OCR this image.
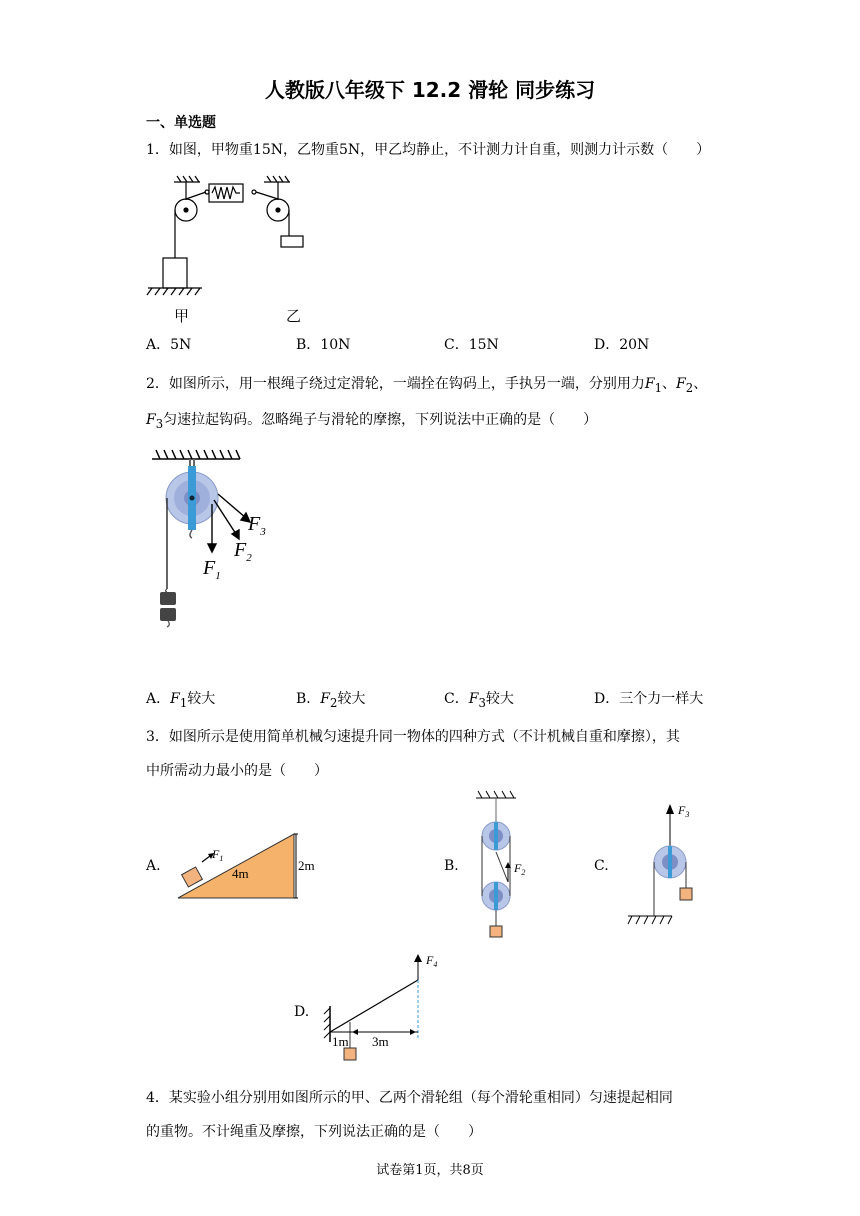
人教版八年级下 12.2 滑轮 同步练习
一、单选题
1．如图，甲物重15N，乙物重5N，甲乙均静止，不计测力计自重，则测力计示数（　　）
甲	乙
A．5N	B．10N	C．15N	D．20N
2．如图所示，用一根绳子绕过定滑轮，一端拴在钩码上，手执另一端，分别用力$F_1$、$F_2$、
$F_3$匀速拉起钩码。忽略绳子与滑轮的摩擦，下列说法中正确的是（　　）
$F_1$
$F_2$
$F_3$
A．$F_1$较大	B．$F_2$较大	C．$F_3$较大	D．三个力一样大
3．如图所示是使用简单机械匀速提升同一物体的四种方式（不计机械自重和摩擦），其
中所需动力最小的是（　　）
A.
$F_1$
4m
2m	B.	$F_2$	C.
$F_3$
D.
$F_4$
1m 3m
4．某实验小组分别用如图所示的甲、乙两个滑轮组（每个滑轮重相同）匀速提起相同
的重物。不计绳重及摩擦，下列说法正确的是（　　）
试卷第1页，共8页
